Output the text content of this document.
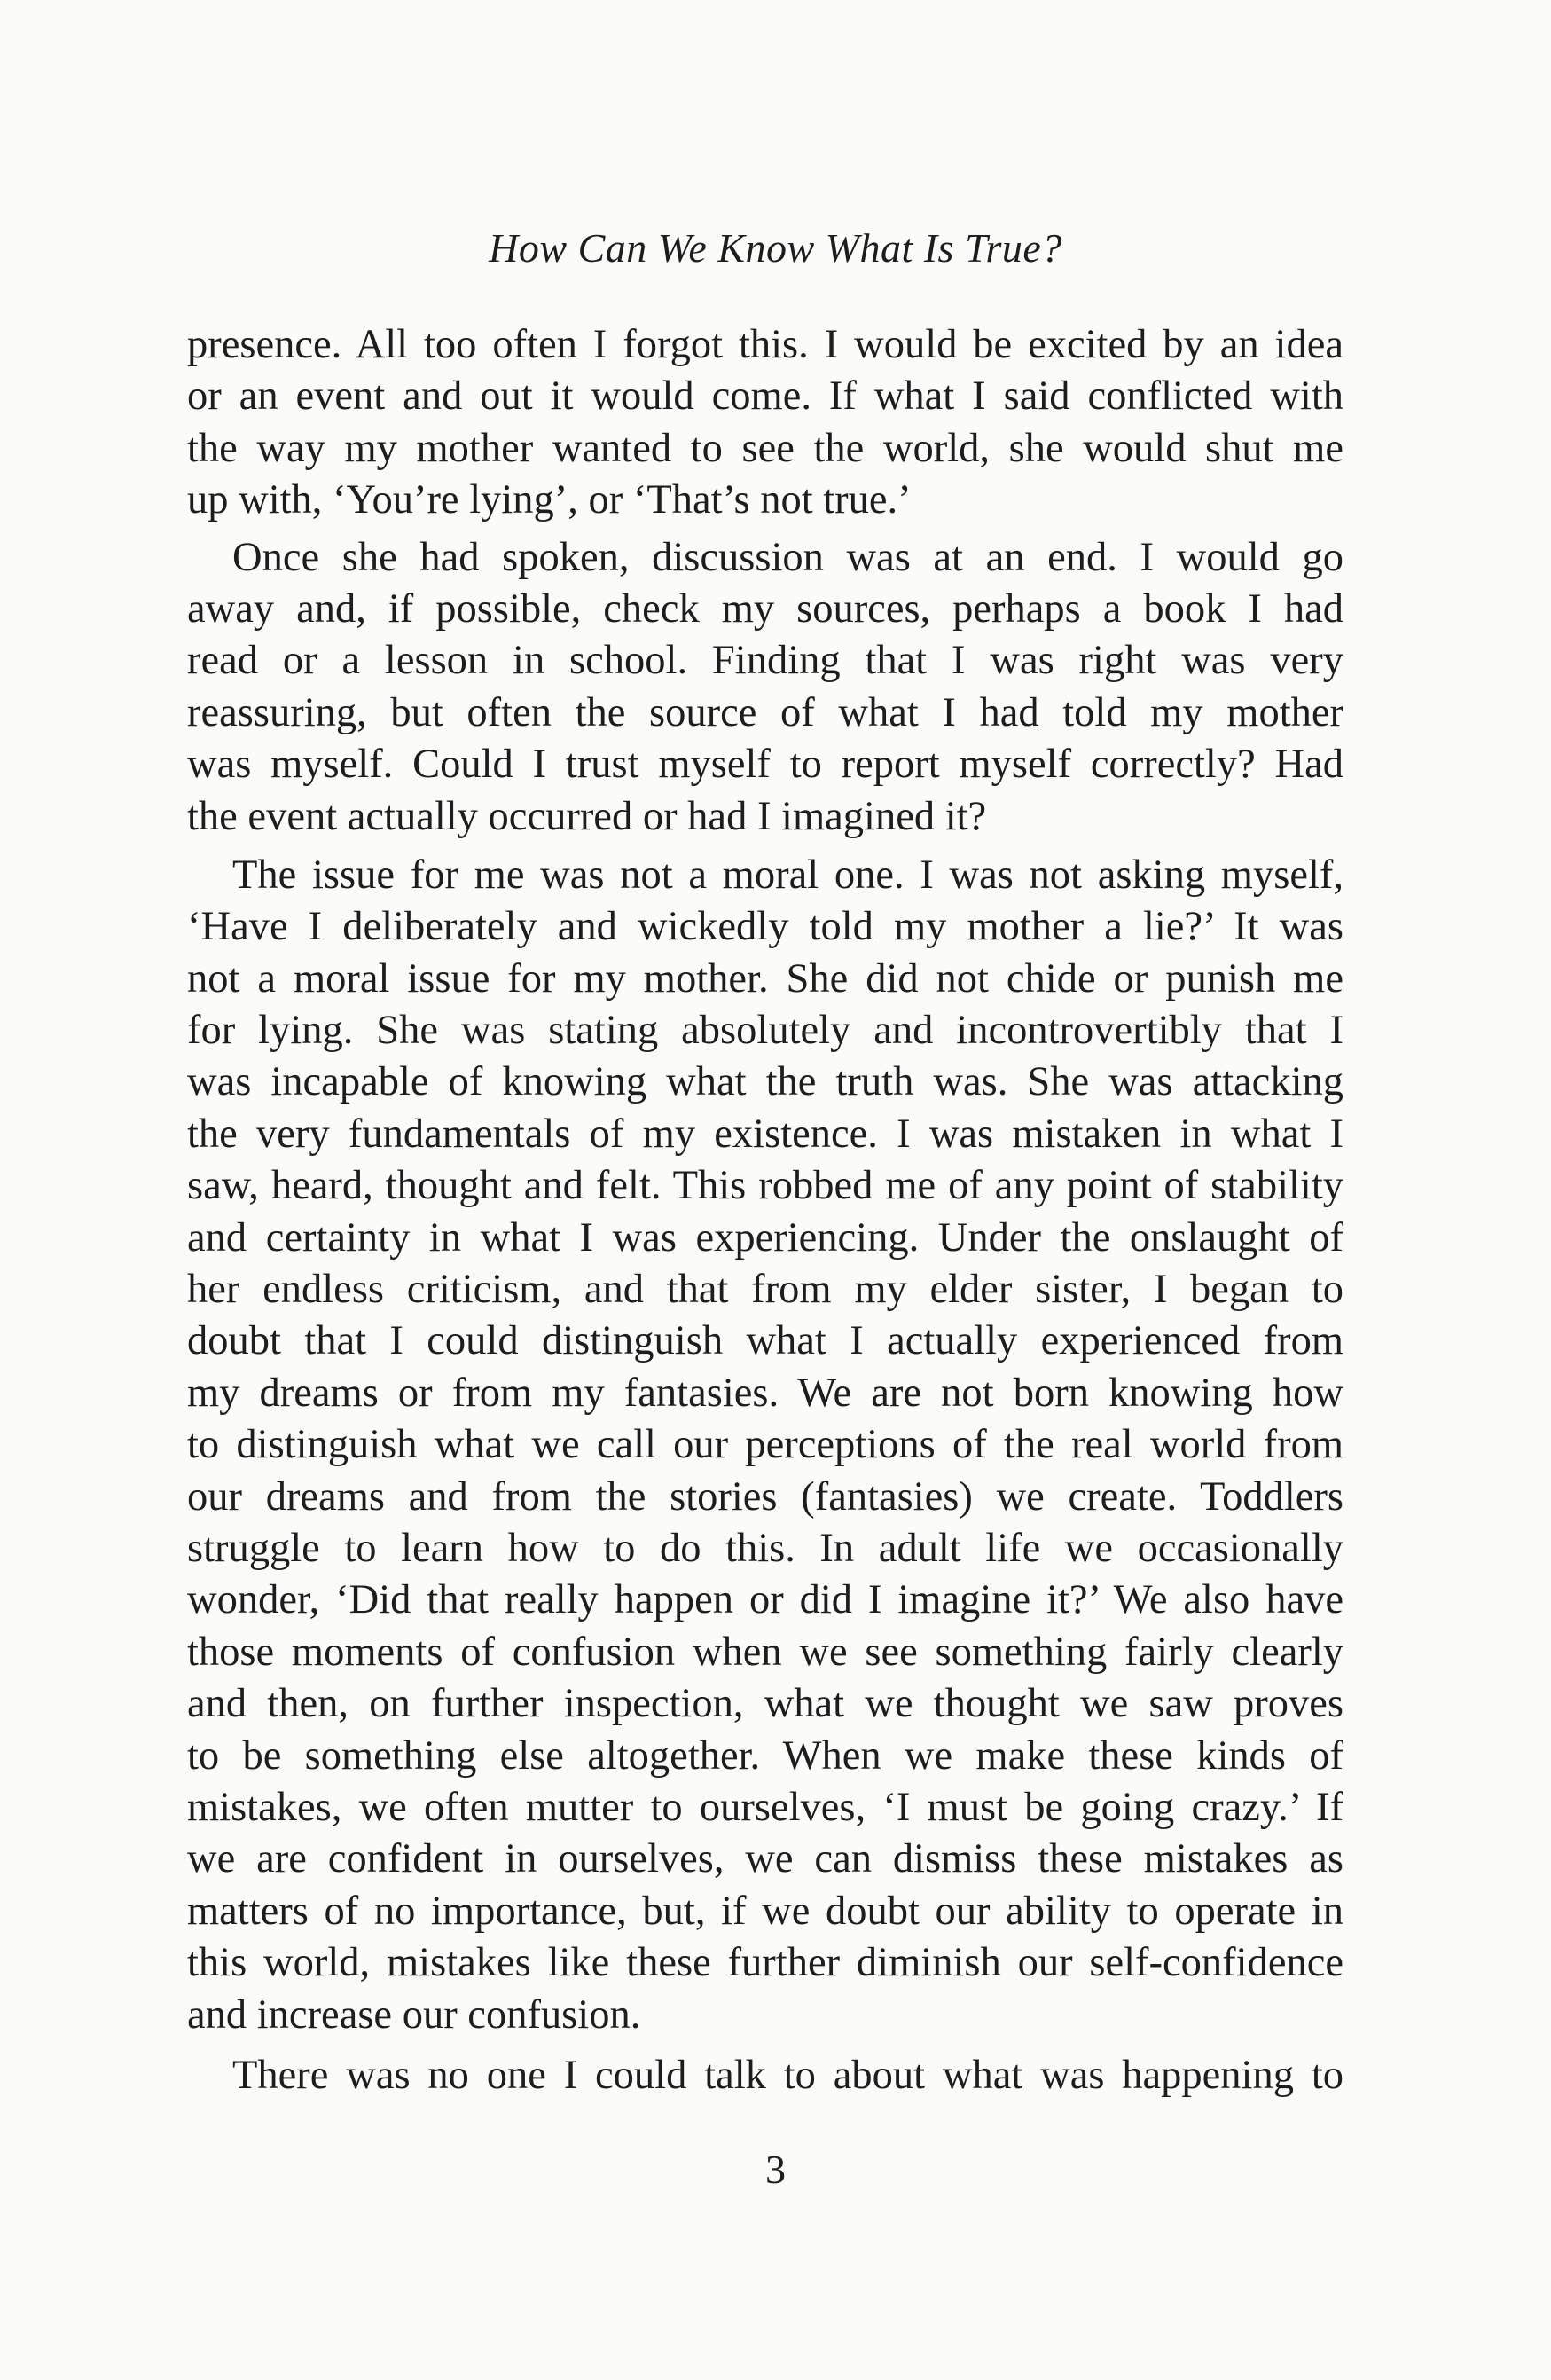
How Can We Know What Is True?

presence. All too often I forgot this. I would be excited by an idea
or an event and out it would come. If what I said conflicted with
the way my mother wanted to see the world, she would shut me
up with, ‘You’re lying’, or ‘That’s not true.’

Once she had spoken, discussion was at an end. I would go
away and, if possible, check my sources, perhaps a book I had
read or a lesson in school. Finding that I was right was very
reassuring, but often the source of what I had told my mother
was myself. Could I trust myself to report myself correctly? Had
the event actually occurred or had I imagined it?

The issue for me was not a moral one. I was not asking myself,
‘Have I deliberately and wickedly told my mother a lie?’ It was
not a moral issue for my mother. She did not chide or punish me
for lying. She was stating absolutely and incontrovertibly that I
was incapable of knowing what the truth was. She was attacking
the very fundamentals of my existence. I was mistaken in what I
saw, heard, thought and felt. This robbed me of any point of stability
and certainty in what I was experiencing. Under the onslaught of
her endless criticism, and that from my elder sister, I began to
doubt that I could distinguish what I actually experienced from
my dreams or from my fantasies. We are not born knowing how
to distinguish what we call our perceptions of the real world from
our dreams and from the stories (fantasies) we create. Toddlers
struggle to learn how to do this. In adult life we occasionally
wonder, ‘Did that really happen or did I imagine it?’ We also have
those moments of confusion when we see something fairly clearly
and then, on further inspection, what we thought we saw proves
to be something else altogether. When we make these kinds of
mistakes, we often mutter to ourselves, ‘I must be going crazy.’ If
we are confident in ourselves, we can dismiss these mistakes as
matters of no importance, but, if we doubt our ability to operate in
this world, mistakes like these further diminish our self-confidence
and increase our confusion.

There was no one I could talk to about what was happening to

3
